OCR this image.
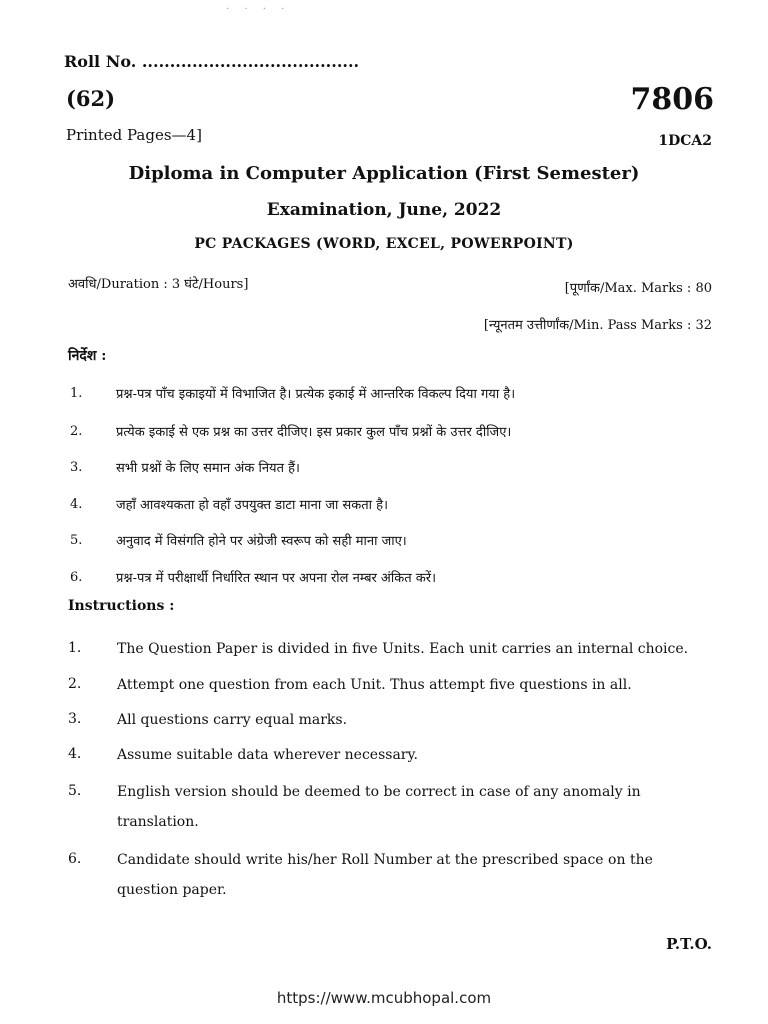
· · · ·
Roll No. .......................................
(62)	7806
Printed Pages—4]	1DCA2
Diploma in Computer Application (First Semester)
Examination, June, 2022
PC PACKAGES (WORD, EXCEL, POWERPOINT)
अवधि/Duration : 3 घंटे/Hours]	[पूर्णांक/Max. Marks : 80
[न्यूनतम उत्तीर्णांक/Min. Pass Marks : 32
निर्देश :
1.	प्रश्न-पत्र पाँच इकाइयों में विभाजित है। प्रत्येक इकाई में आन्तरिक विकल्प दिया गया है।
2.	प्रत्येक इकाई से एक प्रश्न का उत्तर दीजिए। इस प्रकार कुल पाँच प्रश्नों के उत्तर दीजिए।
3.	सभी प्रश्नों के लिए समान अंक नियत हैं।
4.	जहाँ आवश्यकता हो वहाँ उपयुक्त डाटा माना जा सकता है।
5.	अनुवाद में विसंगति होने पर अंग्रेजी स्वरूप को सही माना जाए।
6.	प्रश्न-पत्र में परीक्षार्थी निर्धारित स्थान पर अपना रोल नम्बर अंकित करें।
Instructions :
1.	The Question Paper is divided in five Units. Each unit carries an internal choice.
2.	Attempt one question from each Unit. Thus attempt five questions in all.
3.	All questions carry equal marks.
4.	Assume suitable data wherever necessary.
5.	English version should be deemed to be correct in case of any anomaly in translation.
6.	Candidate should write his/her Roll Number at the prescribed space on the question paper.
P.T.O.
https://www.mcubhopal.com
